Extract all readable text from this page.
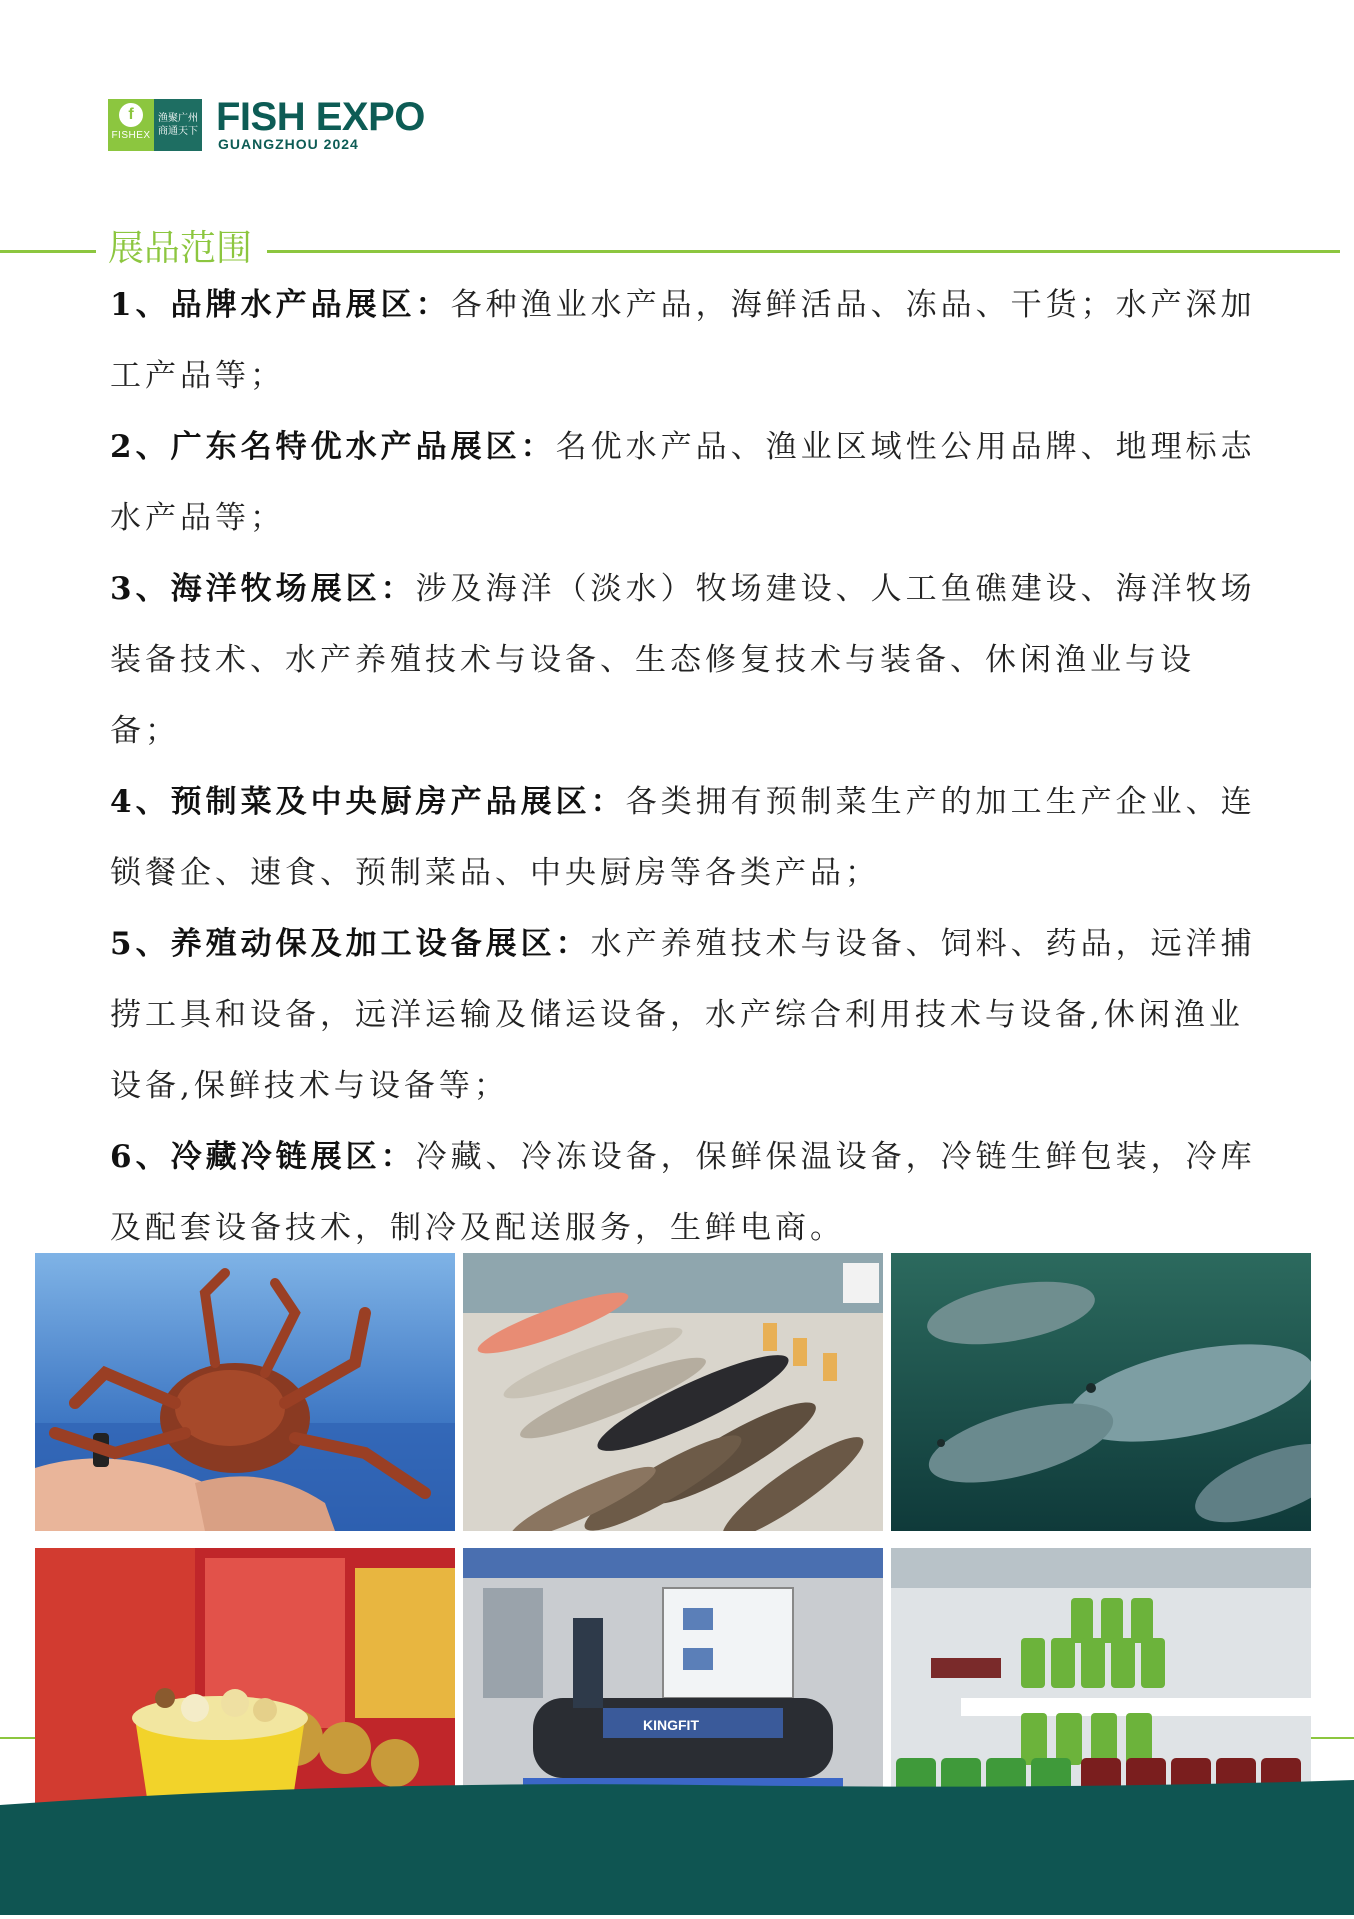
f
FISHEX
渔聚广州
商通天下 FISH EXPO
GUANGZHOU 2024
展品范围
1、品牌水产品展区：各种渔业水产品，海鲜活品、冻品、干货；水产深加工产品等；
2、广东名特优水产品展区：名优水产品、渔业区域性公用品牌、地理标志水产品等；
3、海洋牧场展区：涉及海洋（淡水）牧场建设、人工鱼礁建设、海洋牧场装备技术、水产养殖技术与设备、生态修复技术与装备、休闲渔业与设备；
4、预制菜及中央厨房产品展区：各类拥有预制菜生产的加工生产企业、连锁餐企、速食、预制菜品、中央厨房等各类产品；
5、养殖动保及加工设备展区：水产养殖技术与设备、饲料、药品，远洋捕捞工具和设备，远洋运输及储运设备，水产综合利用技术与设备,休闲渔业设备,保鲜技术与设备等；
6、冷藏冷链展区：冷藏、冷冻设备，保鲜保温设备，冷链生鲜包装，冷库及配套设备技术，制冷及配送服务，生鲜电商。
KINGFIT
